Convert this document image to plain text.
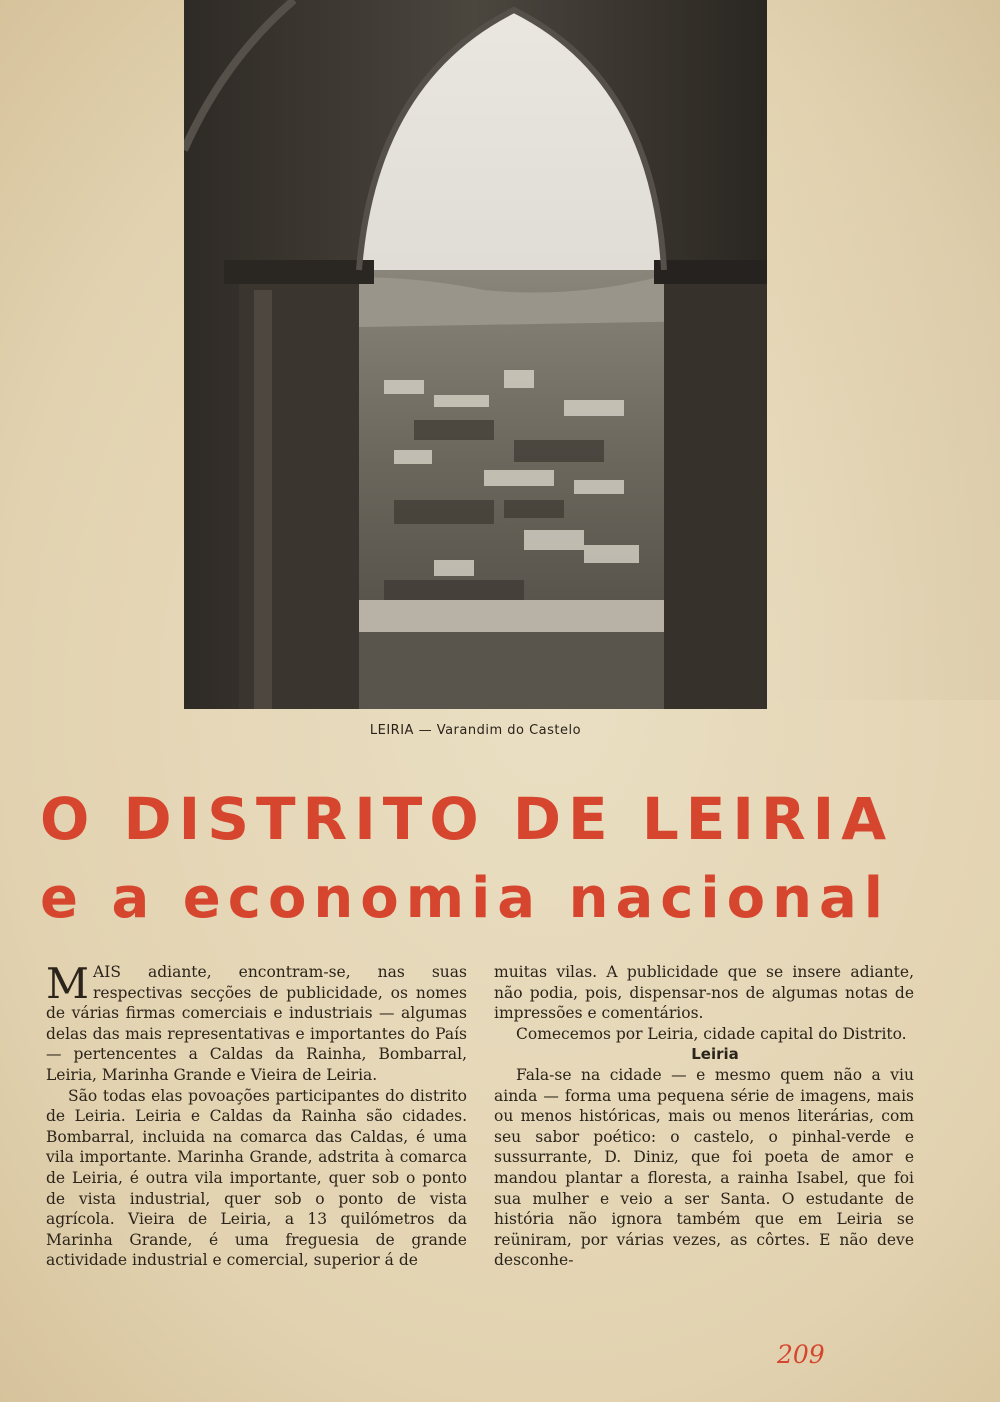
LEIRIA — Varandim do Castelo
O DISTRITO DE LEIRIA
e a economia nacional

MAIS adiante, encontram-se, nas suas respectivas secções de publicidade, os nomes de várias firmas comerciais e industriais — algumas delas das mais representativas e importantes do País — pertencentes a Caldas da Rainha, Bombarral, Leiria, Marinha Grande e Vieira de Leiria.

São todas elas povoações participantes do distrito de Leiria. Leiria e Caldas da Rainha são cidades. Bombarral, incluida na comarca das Caldas, é uma vila importante. Marinha Grande, adstrita à comarca de Leiria, é outra vila importante, quer sob o ponto de vista industrial, quer sob o ponto de vista agrícola. Vieira de Leiria, a 13 quilómetros da Marinha Grande, é uma freguesia de grande actividade industrial e comercial, superior á de

muitas vilas. A publicidade que se insere adiante, não podia, pois, dispensar-nos de algumas notas de impressões e comentários.

Comecemos por Leiria, cidade capital do Distrito.

Leiria

Fala-se na cidade — e mesmo quem não a viu ainda — forma uma pequena série de imagens, mais ou menos históricas, mais ou menos literárias, com seu sabor poético: o castelo, o pinhal-verde e sussurrante, D. Diniz, que foi poeta de amor e mandou plantar a floresta, a rainha Isabel, que foi sua mulher e veio a ser Santa. O estudante de história não ignora também que em Leiria se reüniram, por várias vezes, as côrtes. E não deve desconhe-

209
